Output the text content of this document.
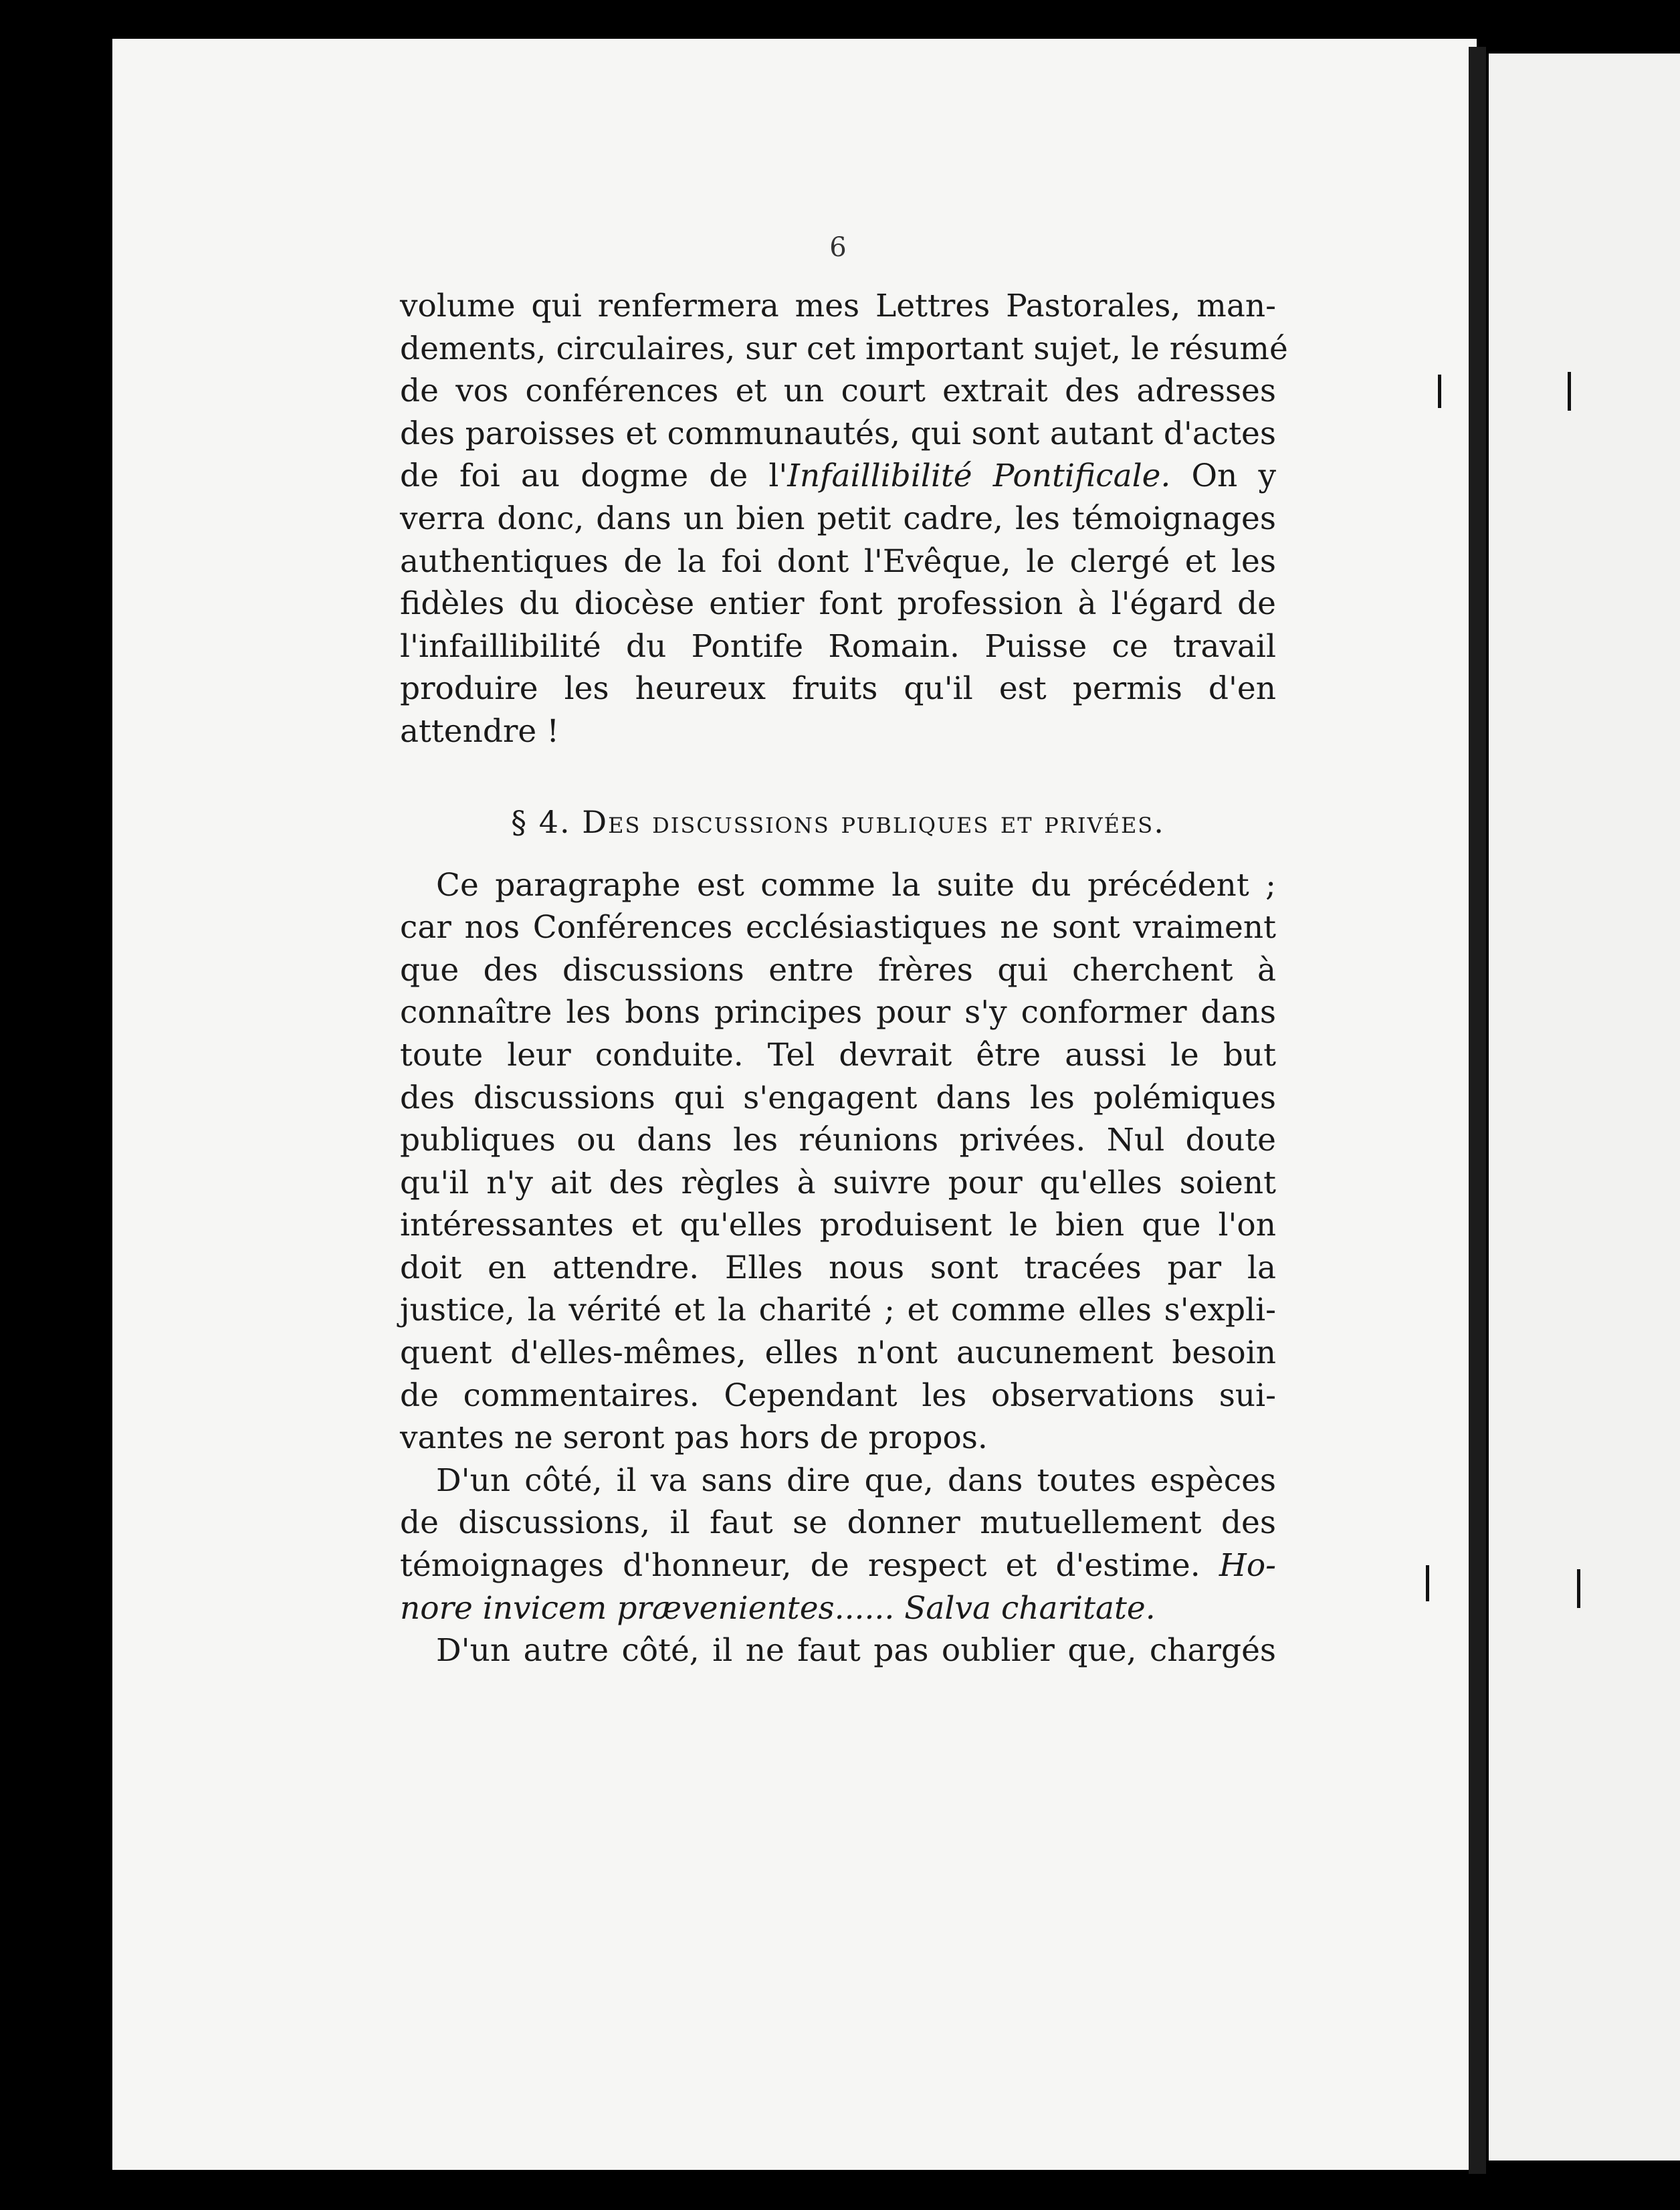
6

volume qui renfermera mes Lettres Pastorales, man-
dements, circulaires, sur cet important sujet, le résumé
de vos conférences et un court extrait des adresses
des paroisses et communautés, qui sont autant d'actes
de foi au dogme de l'Infaillibilité Pontificale. On y
verra donc, dans un bien petit cadre, les témoignages
authentiques de la foi dont l'Evêque, le clergé et les
fidèles du diocèse entier font profession à l'égard de
l'infaillibilité du Pontife Romain. Puisse ce travail
produire les heureux fruits qu'il est permis d'en
attendre !

§ 4. Des discussions publiques et privées.

Ce paragraphe est comme la suite du précédent ;
car nos Conférences ecclésiastiques ne sont vraiment
que des discussions entre frères qui cherchent à
connaître les bons principes pour s'y conformer dans
toute leur conduite. Tel devrait être aussi le but
des discussions qui s'engagent dans les polémiques
publiques ou dans les réunions privées. Nul doute
qu'il n'y ait des règles à suivre pour qu'elles soient
intéressantes et qu'elles produisent le bien que l'on
doit en attendre. Elles nous sont tracées par la
justice, la vérité et la charité ; et comme elles s'expli-
quent d'elles-mêmes, elles n'ont aucunement besoin
de commentaires. Cependant les observations sui-
vantes ne seront pas hors de propos.

D'un côté, il va sans dire que, dans toutes espèces
de discussions, il faut se donner mutuellement des
témoignages d'honneur, de respect et d'estime. Ho-
nore invicem prævenientes...... Salva charitate.

D'un autre côté, il ne faut pas oublier que, chargés
